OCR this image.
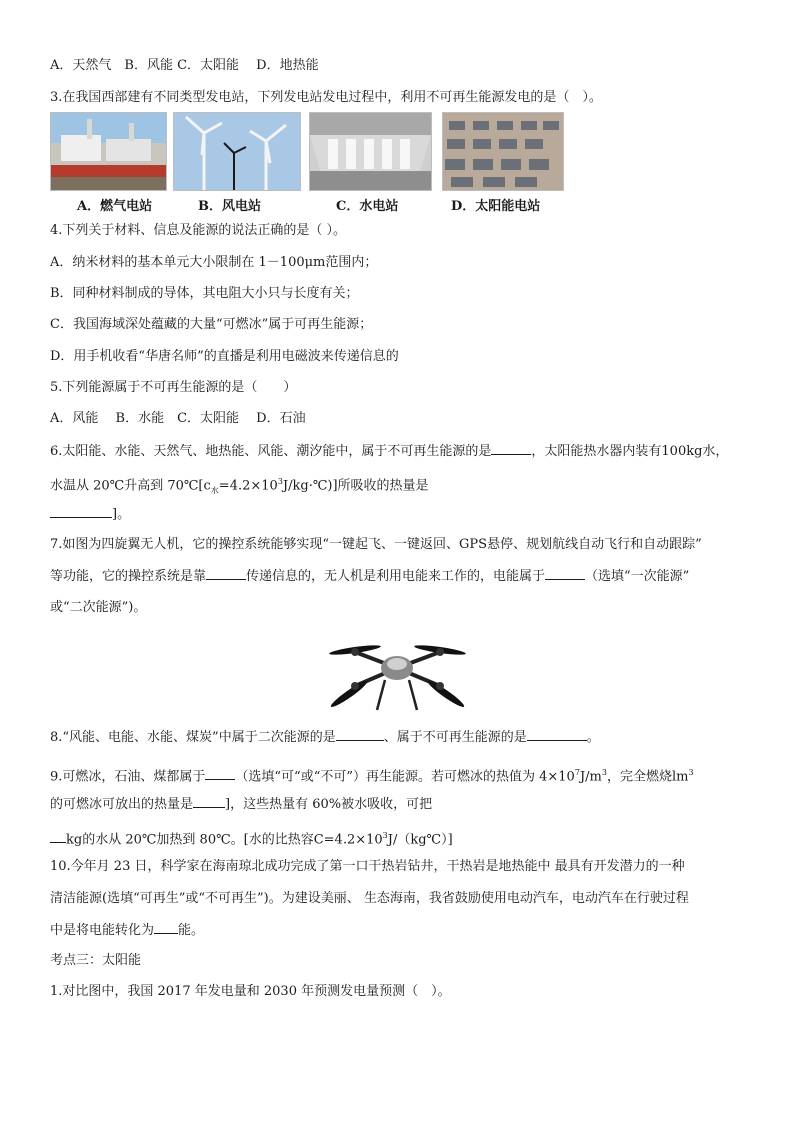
A．天然气　B．风能 C．太阳能　 D．地热能
3.在我国西部建有不同类型发电站，下列发电站发电过程中，利用不可再生能源发电的是（　）。
A．燃气电站	B．风电站	C．水电站	D．太阳能电站
4.下列关于材料、信息及能源的说法正确的是（ ）。
A．纳米材料的基本单元大小限制在 1－100μm范围内；
B．同种材料制成的导体，其电阻大小只与长度有关；
C．我国海域深处蕴藏的大量“可燃冰”属于可再生能源；
D．用手机收看“华唐名师”的直播是利用电磁波来传递信息的
5.下列能源属于不可再生能源的是（　　）
A．风能　 B．水能　C．太阳能　 D．石油
6.太阳能、水能、天然气、地热能、风能、潮汐能中，属于不可再生能源的是	，太阳能热水器内装有100kg水，
水温从 20℃升高到 $70℃[c_水=4.2\times 10^3J/kg\cdot℃)$]所吸收的热量是
]。
7.如图为四旋翼无人机，它的操控系统能够实现“一键起飞、一键返回、GPS悬停、规划航线自动飞行和自动跟踪”
等功能，它的操控系统是靠	传递信息的，无人机是利用电能来工作的，电能属于	（选填“一次能源”
或“二次能源”)。
8.“风能、电能、水能、煤炭”中属于二次能源的是	、属于不可再生能源的是	。
9.可燃冰，石油、煤都属于 （选填“可“或“不可”）再生能源。若可燃冰的热值为 $4\times 10^7J/m^3$，完全燃烧$lm^3$
的可燃冰可放出的热量是 ]，这些热量有 60%被水吸收，可把
kg的水从 20℃加热到 80℃。[水的比热容$C=4.2\times 10^3J/(kg℃)$]
10.今年月 23 日，科学家在海南琼北成功完成了第一口干热岩钻井，干热岩是地热能中 最具有开发潜力的一种
清洁能源(选填“可再生”或“不可再生”)。为建设美丽、 生态海南，我省鼓励使用电动汽车，电动汽车在行驶过程
中是将电能转化为 能。
考点三：太阳能
1.对比图中，我国 2017 年发电量和 2030 年预测发电量预测（　）。
